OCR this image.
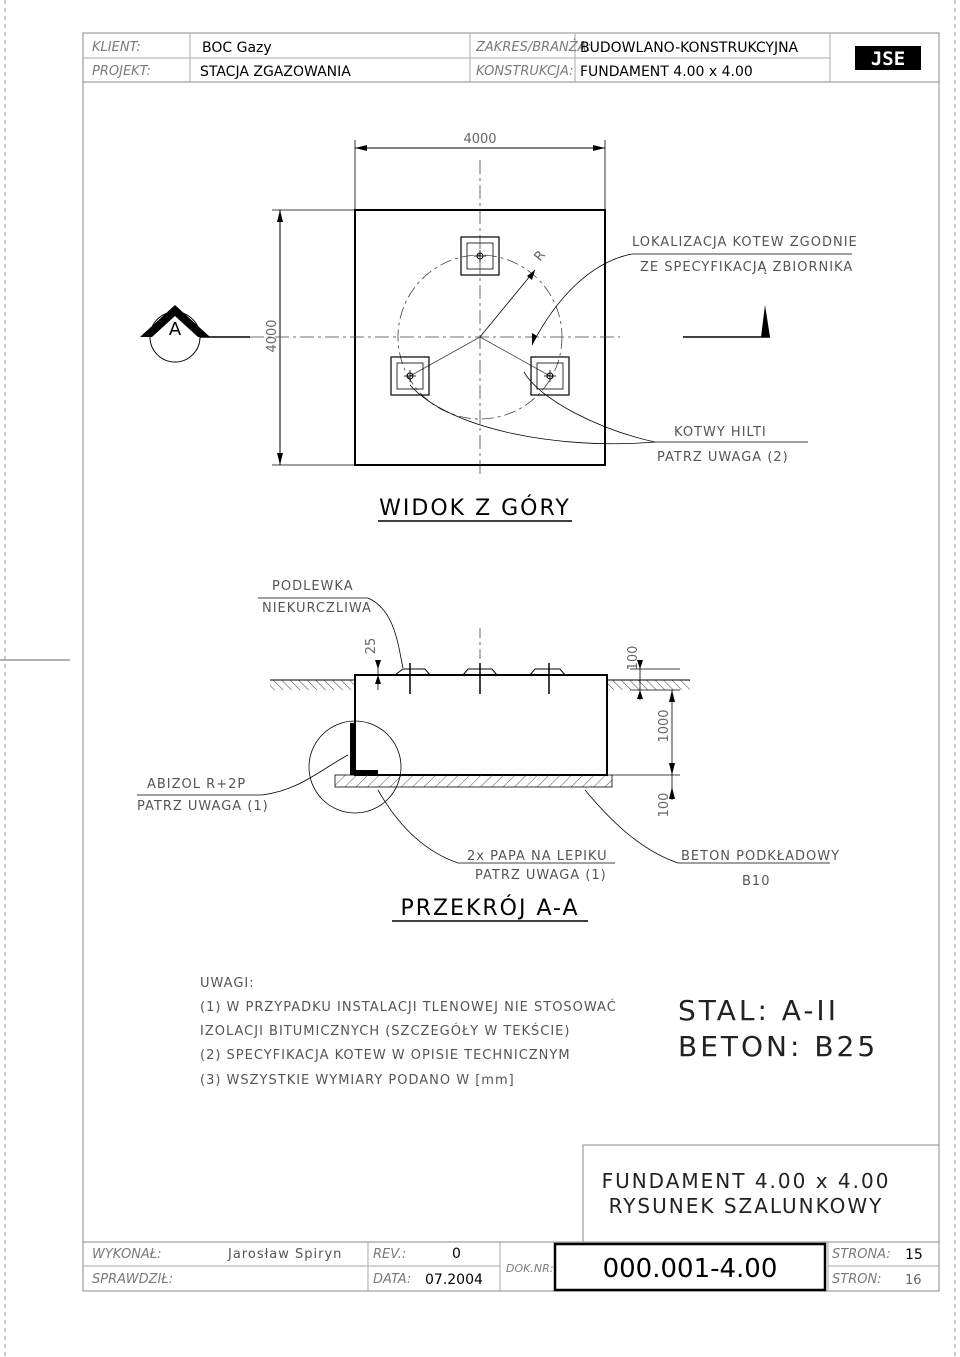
KLIENT:	BOC Gazy
PROJEKT:	STACJA ZGAZOWANIA
ZAKRES/BRANŻA:
BUDOWLANO-KONSTRUKCYJNA
KONSTRUKCJA: FUNDAMENT 4.00 x 4.00
JSE
4000
4000
R
LOKALIZACJA KOTEW ZGODNIE
ZE SPECYFIKACJĄ ZBIORNIKA
KOTWY HILTI
PATRZ UWAGA (2)
A
WIDOK Z GÓRY
25	100
1000
100
PODLEWKA
NIEKURCZLIWA
ABIZOL R+2P
PATRZ UWAGA (1)
2x PAPA NA LEPIKU
PATRZ UWAGA (1)
BETON PODKŁADOWY
B10
PRZEKRÓJ A-A
UWAGI:
(1) W PRZYPADKU INSTALACJI TLENOWEJ NIE STOSOWAĆ
IZOLACJI BITUMICZNYCH (SZCZEGÓŁY W TEKŚCIE)
(2) SPECYFIKACJA KOTEW W OPISIE TECHNICZNYM
(3) WSZYSTKIE WYMIARY PODANO W [mm]
STAL: A-II
BETON: B25
FUNDAMENT 4.00 x 4.00
RYSUNEK SZALUNKOWY
WYKONAŁ:	Jarosław Spiryn
SPRAWDZIŁ:
REV.:	0
DATA: 07.2004
DOK.NR: 000.001-4.00	STRONA: 15
STRON: 16
